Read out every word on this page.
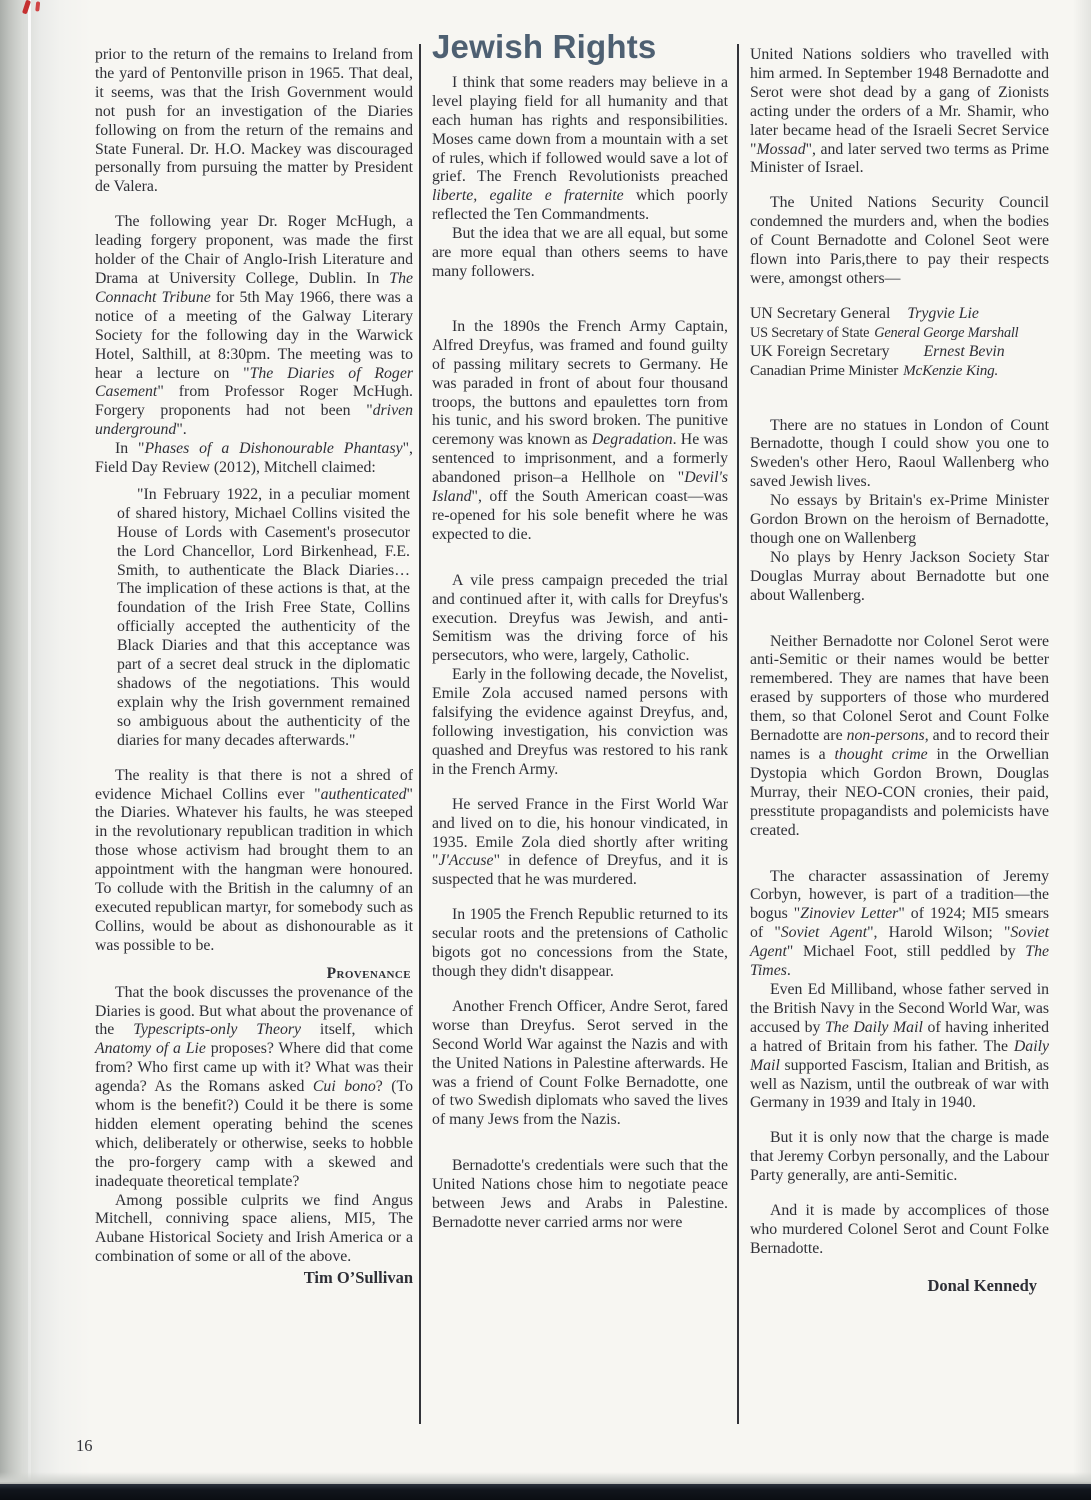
prior to the return of the remains to Ireland from the yard of Pentonville prison in 1965. That deal, it seems, was that the Irish Government would not push for an investigation of the Diaries following on from the return of the remains and State Funeral. Dr. H.O. Mackey was discouraged personally from pursuing the matter by President de Valera.

The following year Dr. Roger McHugh, a leading forgery proponent, was made the first holder of the Chair of Anglo-Irish Literature and Drama at University College, Dublin. In The Connacht Tribune for 5th May 1966, there was a notice of a meeting of the Galway Literary Society for the following day in the Warwick Hotel, Salthill, at 8:30pm. The meeting was to hear a lecture on "The Diaries of Roger Casement" from Professor Roger McHugh. Forgery proponents had not been "driven underground".

In "Phases of a Dishonourable Phantasy", Field Day Review (2012), Mitchell claimed:

"In February 1922, in a peculiar moment of shared history, Michael Collins visited the House of Lords with Casement's prosecutor the Lord Chancellor, Lord Birkenhead, F.E. Smith, to authenticate the Black Diaries… The implication of these actions is that, at the foundation of the Irish Free State, Collins officially accepted the authenticity of the Black Diaries and that this acceptance was part of a secret deal struck in the diplomatic shadows of the negotiations. This would explain why the Irish government remained so ambiguous about the authenticity of the diaries for many decades afterwards."

The reality is that there is not a shred of evidence Michael Collins ever "authenticated" the Diaries. Whatever his faults, he was steeped in the revolutionary republican tradition in which those whose activism had brought them to an appointment with the hangman were honoured. To collude with the British in the calumny of an executed republican martyr, for somebody such as Collins, would be about as dishonourable as it was possible to be.

Provenance

That the book discusses the provenance of the Diaries is good. But what about the provenance of the Typescripts-only Theory itself, which Anatomy of a Lie proposes? Where did that come from? Who first came up with it? What was their agenda? As the Romans asked Cui bono? (To whom is the benefit?) Could it be there is some hidden element operating behind the scenes which, deliberately or otherwise, seeks to hobble the pro-forgery camp with a skewed and inadequate theoretical template?

Among possible culprits we find Angus Mitchell, conniving space aliens, MI5, The Aubane Historical Society and Irish America or a combination of some or all of the above.

Tim O’Sullivan

Jewish Rights

I think that some readers may believe in a level playing field for all humanity and that each human has rights and responsibilities. Moses came down from a mountain with a set of rules, which if followed would save a lot of grief. The French Revolutionists preached liberte, egalite e fraternite which poorly reflected the Ten Commandments.

But the idea that we are all equal, but some are more equal than others seems to have many followers.

In the 1890s the French Army Captain, Alfred Dreyfus, was framed and found guilty of passing military secrets to Germany. He was paraded in front of about four thousand troops, the buttons and epaulettes torn from his tunic, and his sword broken. The punitive ceremony was known as Degradation. He was sentenced to imprisonment, and a formerly abandoned prison–a Hellhole on "Devil's Island", off the South American coast—was re-opened for his sole benefit where he was expected to die.

A vile press campaign preceded the trial and continued after it, with calls for Dreyfus's execution. Dreyfus was Jewish, and anti-Semitism was the driving force of his persecutors, who were, largely, Catholic.

Early in the following decade, the Novelist, Emile Zola accused named persons with falsifying the evidence against Dreyfus, and, following investigation, his conviction was quashed and Dreyfus was restored to his rank in the French Army.

He served France in the First World War and lived on to die, his honour vindicated, in 1935. Emile Zola died shortly after writing "J'Accuse" in defence of Dreyfus, and it is suspected that he was murdered.

In 1905 the French Republic returned to its secular roots and the pretensions of Catholic bigots got no concessions from the State, though they didn't disappear.

Another French Officer, Andre Serot, fared worse than Dreyfus. Serot served in the Second World War against the Nazis and with the United Nations in Palestine afterwards. He was a friend of Count Folke Bernadotte, one of two Swedish diplomats who saved the lives of many Jews from the Nazis.

Bernadotte's credentials were such that the United Nations chose him to negotiate peace between Jews and Arabs in Palestine. Bernadotte never carried arms nor were

United Nations soldiers who travelled with him armed. In September 1948 Bernadotte and Serot were shot dead by a gang of Zionists acting under the orders of a Mr. Shamir, who later became head of the Israeli Secret Service "Mossad", and later served two terms as Prime Minister of Israel.

The United Nations Security Council condemned the murders and, when the bodies of Count Bernadotte and Colonel Seot were flown into Paris,there to pay their respects were, amongst others—

UN Secretary General Trygvie Lie
US Secretary of State General George Marshall
UK Foreign Secretary Ernest Bevin
Canadian Prime Minister McKenzie King.

There are no statues in London of Count Bernadotte, though I could show you one to Sweden's other Hero, Raoul Wallenberg who saved Jewish lives.

No essays by Britain's ex-Prime Minister Gordon Brown on the heroism of Bernadotte, though one on Wallenberg

No plays by Henry Jackson Society Star Douglas Murray about Bernadotte but one about Wallenberg.

Neither Bernadotte nor Colonel Serot were anti-Semitic or their names would be better remembered. They are names that have been erased by supporters of those who murdered them, so that Colonel Serot and Count Folke Bernadotte are non-persons, and to record their names is a thought crime in the Orwellian Dystopia which Gordon Brown, Douglas Murray, their NEO-CON cronies, their paid, presstitute propagandists and polemicists have created.

The character assassination of Jeremy Corbyn, however, is part of a tradition—the bogus "Zinoviev Letter" of 1924; MI5 smears of "Soviet Agent", Harold Wilson; "Soviet Agent" Michael Foot, still peddled by The Times.

Even Ed Milliband, whose father served in the British Navy in the Second World War, was accused by The Daily Mail of having inherited a hatred of Britain from his father. The Daily Mail supported Fascism, Italian and British, as well as Nazism, until the outbreak of war with Germany in 1939 and Italy in 1940.

But it is only now that the charge is made that Jeremy Corbyn personally, and the Labour Party generally, are anti-Semitic.

And it is made by accomplices of those who murdered Colonel Serot and Count Folke Bernadotte.

Donal Kennedy

16
